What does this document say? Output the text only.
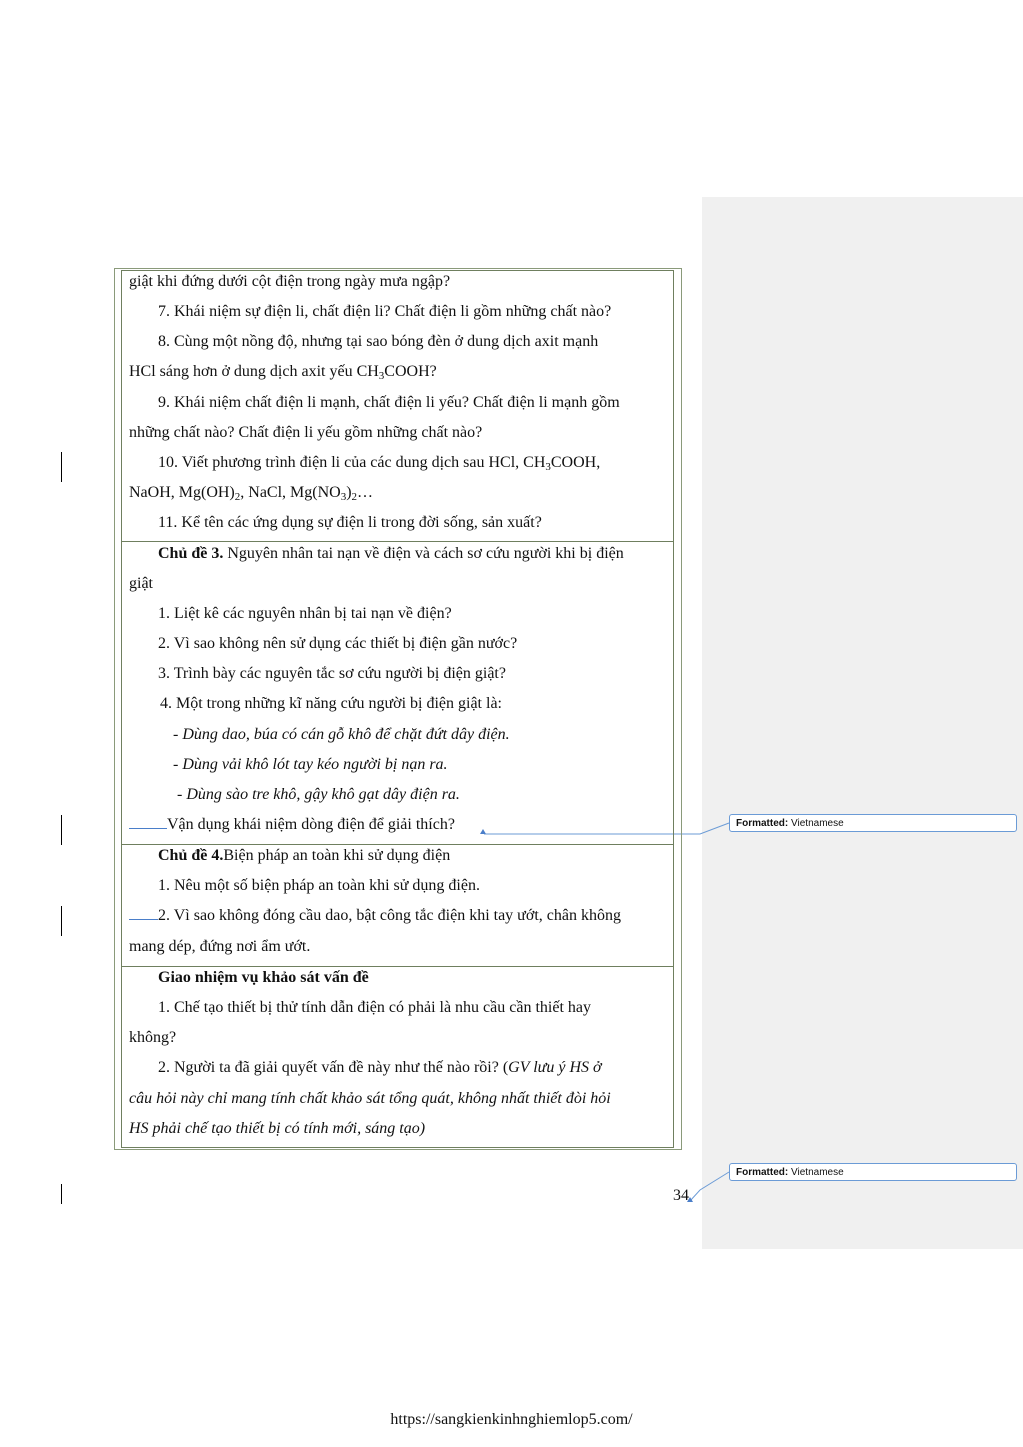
Formatted: Vietnamese
Formatted: Vietnamese
giật khi đứng dưới cột điện trong ngày mưa ngập?
7. Khái niệm sự điện li, chất điện li? Chất điện li gồm những chất nào?
8. Cùng một nồng độ, nhưng tại sao bóng đèn ở dung dịch axit mạnh
HCl sáng hơn ở dung dịch axit yếu $CH_3COOH$?
9. Khái niệm chất điện li mạnh, chất điện li yếu? Chất điện li mạnh gồm
những chất nào? Chất điện li yếu gồm những chất nào?
10. Viết phương trình điện li của các dung dịch sau HCl, $CH_3COOH$,
NaOH, $Mg(OH)_2$, NaCl, $Mg(NO_3)_2\dots$
11. Kể tên các ứng dụng sự điện li trong đời sống, sản xuất?
Chủ đề 3. Nguyên nhân tai nạn về điện và cách sơ cứu người khi bị điện
giật
1. Liệt kê các nguyên nhân bị tai nạn về điện?
2. Vì sao không nên sử dụng các thiết bị điện gần nước?
3. Trình bày các nguyên tắc sơ cứu người bị điện giật?
4. Một trong những kĩ năng cứu người bị điện giật là:
- Dùng dao, búa có cán gỗ khô để chặt đứt dây điện.
- Dùng vải khô lót tay kéo người bị nạn ra.
- Dùng sào tre khô, gậy khô gạt dây điện ra.
Vận dụng khái niệm dòng điện để giải thích?
Chủ đề 4.Biện pháp an toàn khi sử dụng điện
1. Nêu một số biện pháp an toàn khi sử dụng điện.
2. Vì sao không đóng cầu dao, bật công tắc điện khi tay ướt, chân không
mang dép, đứng nơi ẩm ướt.
Giao nhiệm vụ khảo sát vấn đề
1. Chế tạo thiết bị thử tính dẫn điện có phải là nhu cầu cần thiết hay
không?
2. Người ta đã giải quyết vấn đề này như thế nào rồi? (GV lưu ý HS ở
câu hỏi này chỉ mang tính chất khảo sát tổng quát, không nhất thiết đòi hỏi
HS phải chế tạo thiết bị có tính mới, sáng tạo)
34
https://sangkienkinhnghiemlop5.com/
